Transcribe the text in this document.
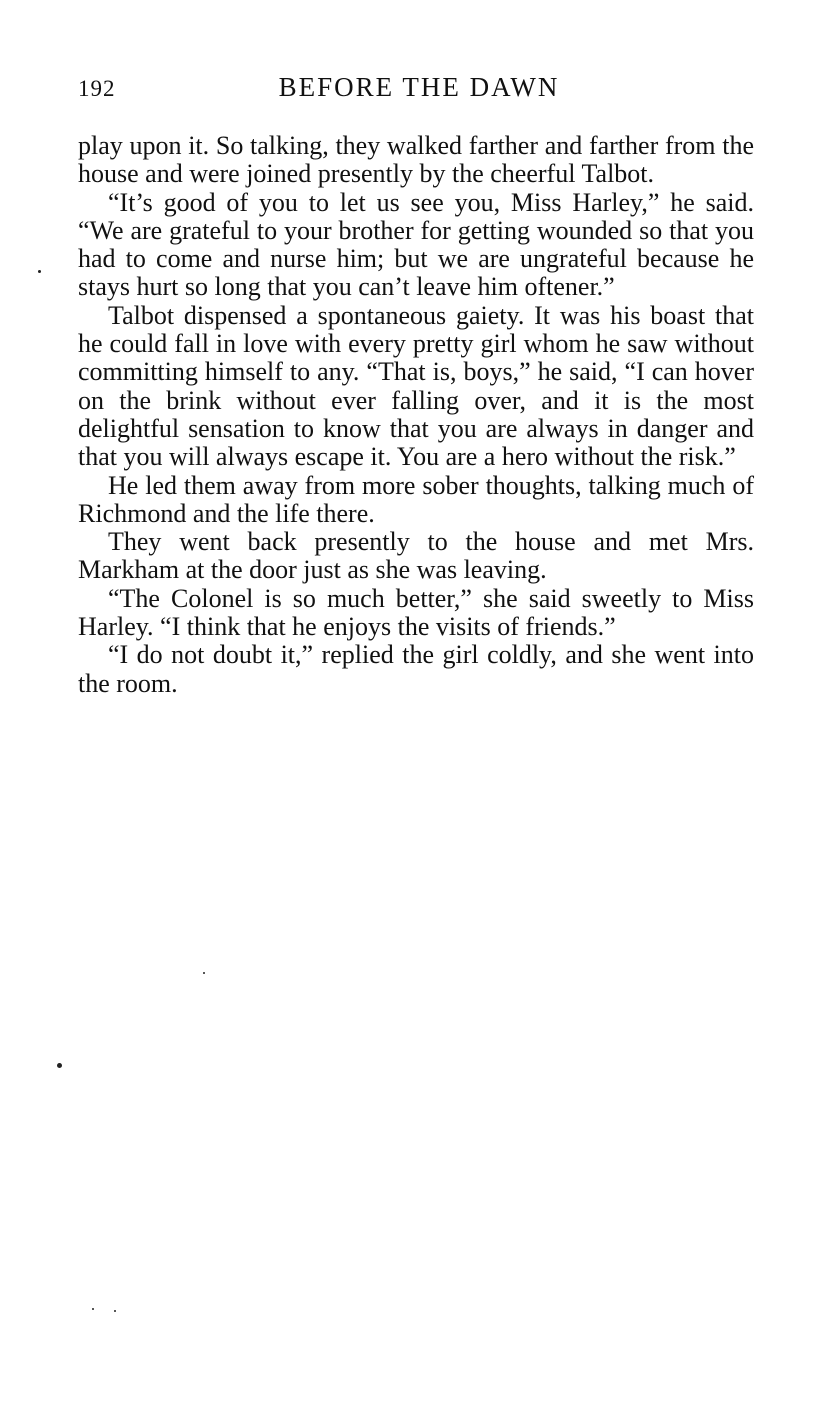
192	BEFORE THE DAWN

play upon it. So talking, they walked farther and farther from the house and were joined presently by the cheerful Talbot.

“It’s good of you to let us see you, Miss Harley,” he said. “We are grateful to your brother for getting wounded so that you had to come and nurse him; but we are ungrateful because he stays hurt so long that you can’t leave him oftener.”

Talbot dispensed a spontaneous gaiety. It was his boast that he could fall in love with every pretty girl whom he saw without committing himself to any. “That is, boys,” he said, “I can hover on the brink without ever falling over, and it is the most delightful sensation to know that you are always in danger and that you will always escape it. You are a hero without the risk.”

He led them away from more sober thoughts, talking much of Richmond and the life there.

They went back presently to the house and met Mrs. Markham at the door just as she was leaving.

“The Colonel is so much better,” she said sweetly to Miss Harley. “I think that he enjoys the visits of friends.”

“I do not doubt it,” replied the girl coldly, and she went into the room.
